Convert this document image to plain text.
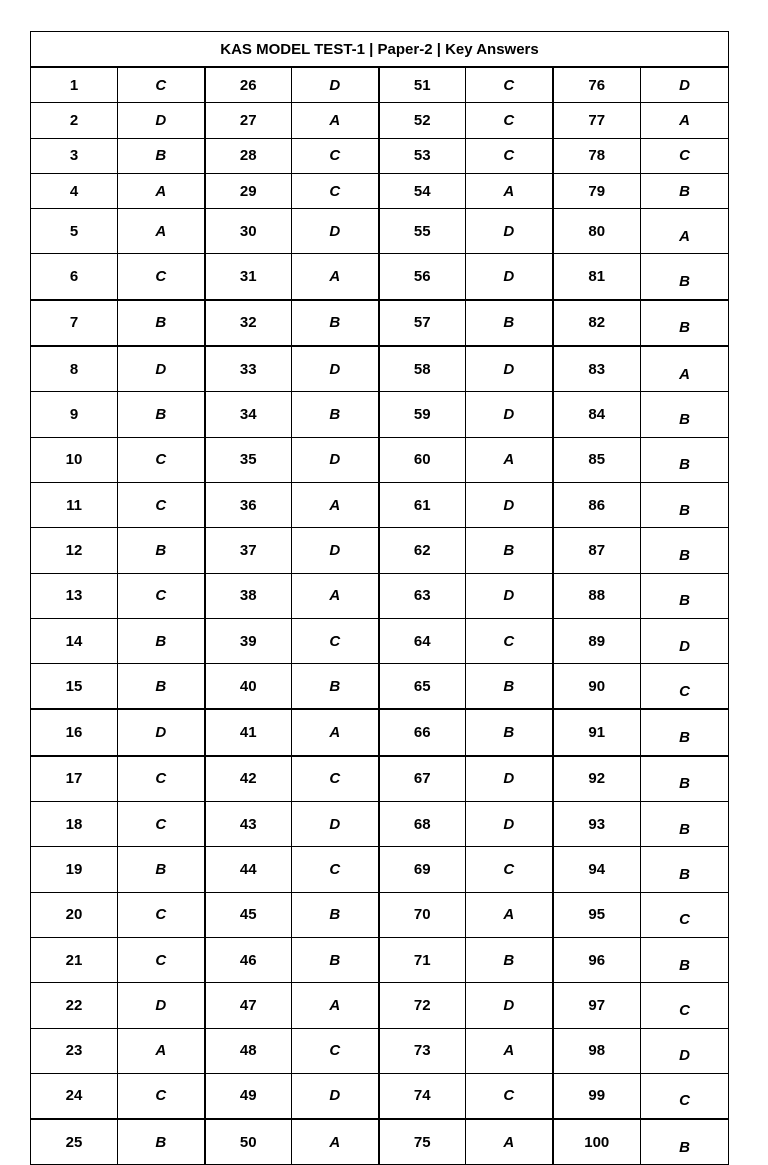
KAS MODEL TEST-1 | Paper-2 | Key Answers							
1	C	26	D	51	C	76	D
2	D	27	A	52	C	77	A
3	B	28	C	53	C	78	C
4	A	29	C	54	A	79	B
5	A	30	D	55	D	80	A
6	C	31	A	56	D	81	B
7	B	32	B	57	B	82	B
8	D	33	D	58	D	83	A
9	B	34	B	59	D	84	B
10	C	35	D	60	A	85	B
11	C	36	A	61	D	86	B
12	B	37	D	62	B	87	B
13	C	38	A	63	D	88	B
14	B	39	C	64	C	89	D
15	B	40	B	65	B	90	C
16	D	41	A	66	B	91	B
17	C	42	C	67	D	92	B
18	C	43	D	68	D	93	B
19	B	44	C	69	C	94	B
20	C	45	B	70	A	95	C
21	C	46	B	71	B	96	B
22	D	47	A	72	D	97	C
23	A	48	C	73	A	98	D
24	C	49	D	74	C	99	C
25	B	50	A	75	A	100	B
